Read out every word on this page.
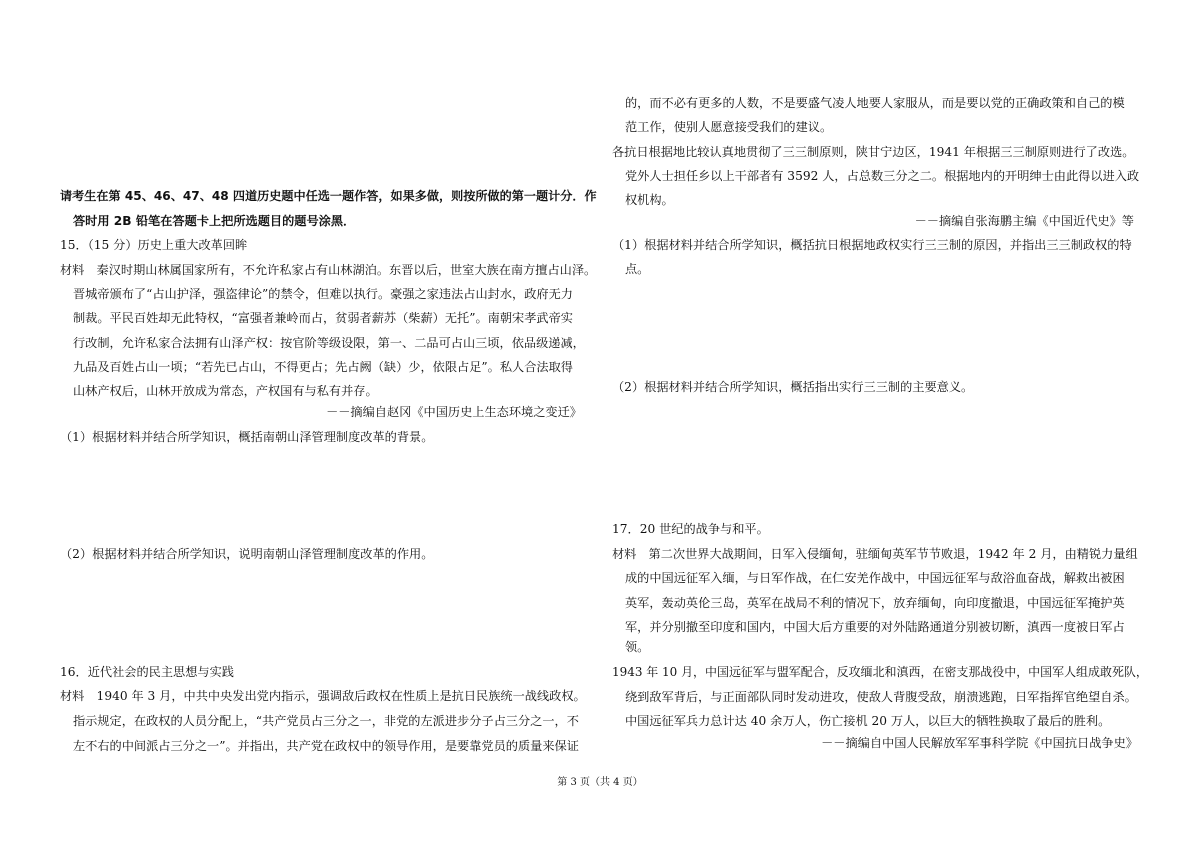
请考生在第 45、46、47、48 四道历史题中任选一题作答，如果多做，则按所做的第一题计分．作
答时用 2B 铅笔在答题卡上把所选题目的题号涂黑．
15．（15 分）历史上重大改革回眸
材料　秦汉时期山林属国家所有，不允许私家占有山林湖泊。东晋以后，世室大族在南方擅占山泽。
晋城帝颁布了“占山护泽，强盗律论”的禁令，但难以执行。豪强之家违法占山封水，政府无力
制裁。平民百姓却无此特权，“富强者兼岭而占，贫弱者薪苏（柴薪）无托”。南朝宋孝武帝实
行改制，允许私家合法拥有山泽产权：按官阶等级设限，第一、二品可占山三顷，依品级递减，
九品及百姓占山一顷；“若先已占山，不得更占；先占阙（缺）少，依限占足”。私人合法取得
山林产权后，山林开放成为常态，产权国有与私有并存。
－－摘编自赵冈《中国历史上生态环境之变迁》
（1）根据材料并结合所学知识，概括南朝山泽管理制度改革的背景。
（2）根据材料并结合所学知识，说明南朝山泽管理制度改革的作用。
16．近代社会的民主思想与实践
材料　1940 年 3 月，中共中央发出党内指示，强调敌后政权在性质上是抗日民族统一战线政权。
指示规定，在政权的人员分配上，“共产党员占三分之一，非党的左派进步分子占三分之一，不
左不右的中间派占三分之一”。并指出，共产党在政权中的领导作用，是要靠党员的质量来保证
的，而不必有更多的人数，不是要盛气凌人地要人家服从，而是要以党的正确政策和自己的模
范工作，使别人愿意接受我们的建议。
各抗日根据地比较认真地贯彻了三三制原则，陕甘宁边区，1941 年根据三三制原则进行了改选。
党外人士担任乡以上干部者有 3592 人，占总数三分之二。根据地内的开明绅士由此得以进入政
权机构。
－－摘编自张海鹏主编《中国近代史》等
（1）根据材料并结合所学知识，概括抗日根据地政权实行三三制的原因，并指出三三制政权的特
点。
（2）根据材料并结合所学知识，概括指出实行三三制的主要意义。
17．20 世纪的战争与和平。
材料　第二次世界大战期间，日军入侵缅甸，驻缅甸英军节节败退，1942 年 2 月，由精锐力量组
成的中国远征军入缅，与日军作战，在仁安羌作战中，中国远征军与敌浴血奋战，解救出被困
英军，轰动英伦三岛，英军在战局不利的情况下，放弃缅甸，向印度撤退，中国远征军掩护英
军，并分别撤至印度和国内，中国大后方重要的对外陆路通道分别被切断，滇西一度被日军占
领。
1943 年 10 月，中国远征军与盟军配合，反攻缅北和滇西，在密支那战役中，中国军人组成敢死队，
绕到敌军背后，与正面部队同时发动进攻，使敌人背腹受敌，崩溃逃跑，日军指挥官绝望自杀。
中国远征军兵力总计达 40 余万人，伤亡接机 20 万人，以巨大的牺牲换取了最后的胜利。
－－摘编自中国人民解放军军事科学院《中国抗日战争史》
第 3 页（共 4 页）
